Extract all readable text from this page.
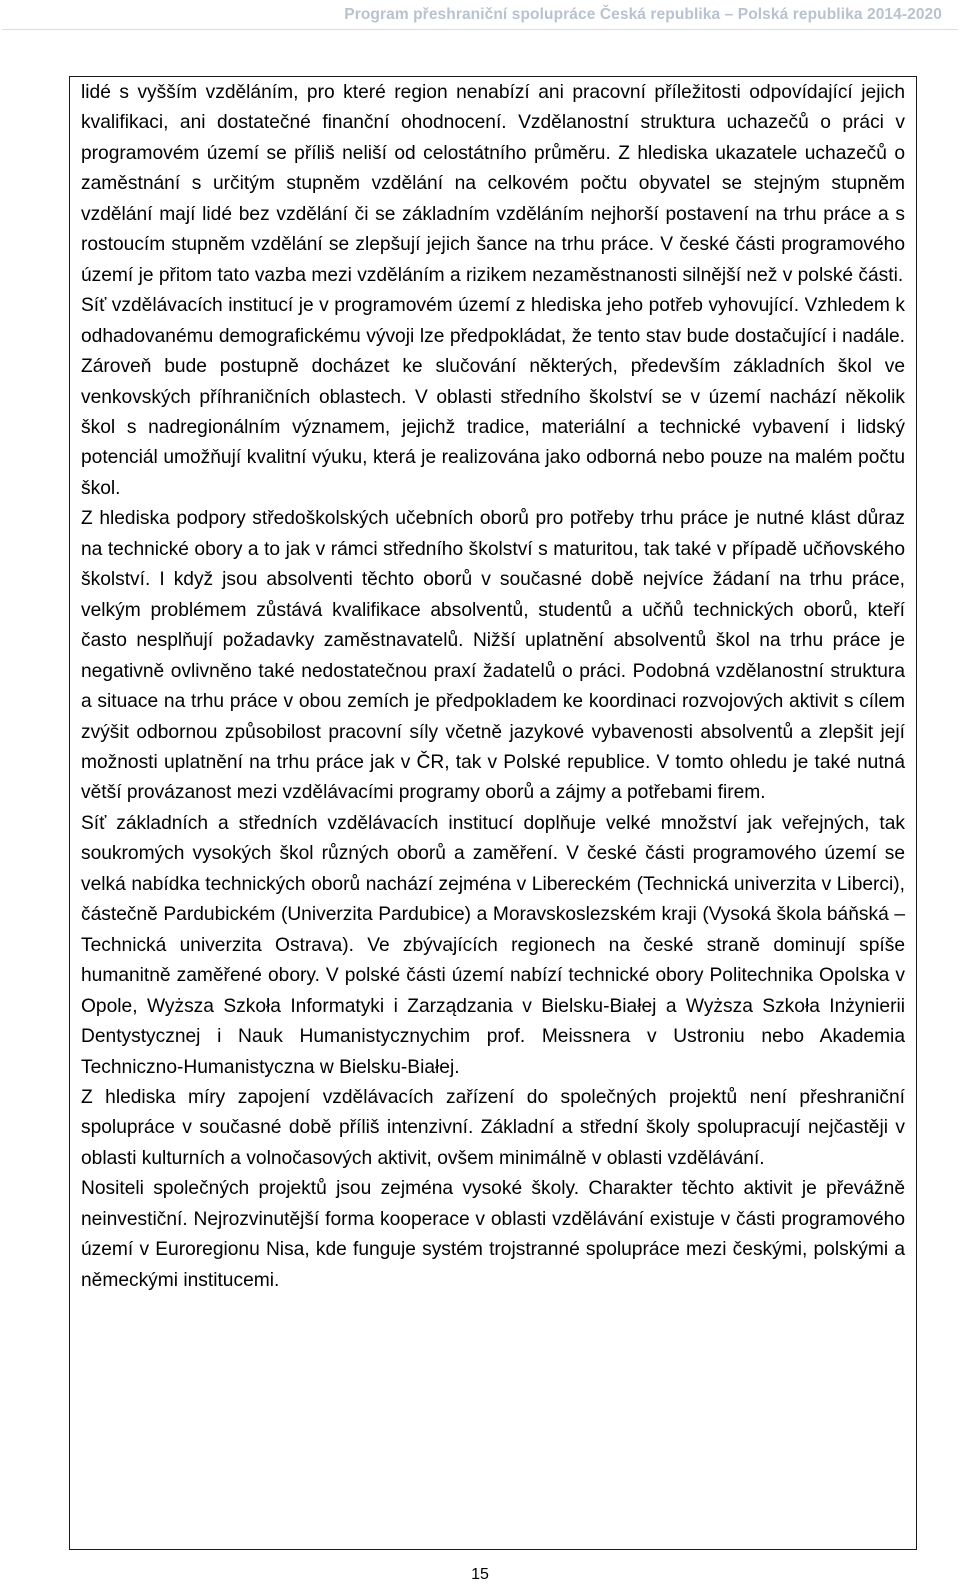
Program přeshraniční spolupráce Česká republika – Polská republika 2014-2020

lidé s vyšším vzděláním, pro které region nenabízí ani pracovní příležitosti odpovídající jejich kvalifikaci, ani dostatečné finanční ohodnocení. Vzdělanostní struktura uchazečů o práci v programovém území se příliš neliší od celostátního průměru. Z hlediska ukazatele uchazečů o zaměstnání s určitým stupněm vzdělání na celkovém počtu obyvatel se stejným stupněm vzdělání mají lidé bez vzdělání či se základním vzděláním nejhorší postavení na trhu práce a s rostoucím stupněm vzdělání se zlepšují jejich šance na trhu práce. V české části programového území je přitom tato vazba mezi vzděláním a rizikem nezaměstnanosti silnější než v polské části.

Síť vzdělávacích institucí je v programovém území z hlediska jeho potřeb vyhovující. Vzhledem k odhadovanému demografickému vývoji lze předpokládat, že tento stav bude dostačující i nadále. Zároveň bude postupně docházet ke slučování některých, především základních škol ve venkovských příhraničních oblastech. V oblasti středního školství se v území nachází několik škol s nadregionálním významem, jejichž tradice, materiální a technické vybavení i lidský potenciál umožňují kvalitní výuku, která je realizována jako odborná nebo pouze na malém počtu škol.

Z hlediska podpory středoškolských učebních oborů pro potřeby trhu práce je nutné klást důraz na technické obory a to jak v rámci středního školství s maturitou, tak také v případě učňovského školství. I když jsou absolventi těchto oborů v současné době nejvíce žádaní na trhu práce, velkým problémem zůstává kvalifikace absolventů, studentů a učňů technických oborů, kteří často nesplňují požadavky zaměstnavatelů. Nižší uplatnění absolventů škol na trhu práce je negativně ovlivněno také nedostatečnou praxí žadatelů o práci. Podobná vzdělanostní struktura a situace na trhu práce v obou zemích je předpokladem ke koordinaci rozvojových aktivit s cílem zvýšit odbornou způsobilost pracovní síly včetně jazykové vybavenosti absolventů a zlepšit její možnosti uplatnění na trhu práce jak v ČR, tak v Polské republice. V tomto ohledu je také nutná větší provázanost mezi vzdělávacími programy oborů a zájmy a potřebami firem.

Síť základních a středních vzdělávacích institucí doplňuje velké množství jak veřejných, tak soukromých vysokých škol různých oborů a zaměření. V české části programového území se velká nabídka technických oborů nachází zejména v Libereckém (Technická univerzita v Liberci), částečně Pardubickém (Univerzita Pardubice) a Moravskoslezském kraji (Vysoká škola báňská – Technická univerzita Ostrava). Ve zbývajících regionech na české straně dominují spíše humanitně zaměřené obory. V polské části území nabízí technické obory Politechnika Opolska v Opole, Wyższa Szkoła Informatyki i Zarządzania v Bielsku-Białej a Wyższa Szkoła Inżynierii Dentystycznej i Nauk Humanistycznychim prof. Meissnera v Ustroniu nebo Akademia Techniczno-Humanistyczna w Bielsku-Białej.

Z hlediska míry zapojení vzdělávacích zařízení do společných projektů není přeshraniční spolupráce v současné době příliš intenzivní. Základní a střední školy spolupracují nejčastěji v oblasti kulturních a volnočasových aktivit, ovšem minimálně v oblasti vzdělávání.

Nositeli společných projektů jsou zejména vysoké školy. Charakter těchto aktivit je převážně neinvestiční. Nejrozvinutější forma kooperace v oblasti vzdělávání existuje v části programového území v Euroregionu Nisa, kde funguje systém trojstranné spolupráce mezi českými, polskými a německými institucemi.

15
